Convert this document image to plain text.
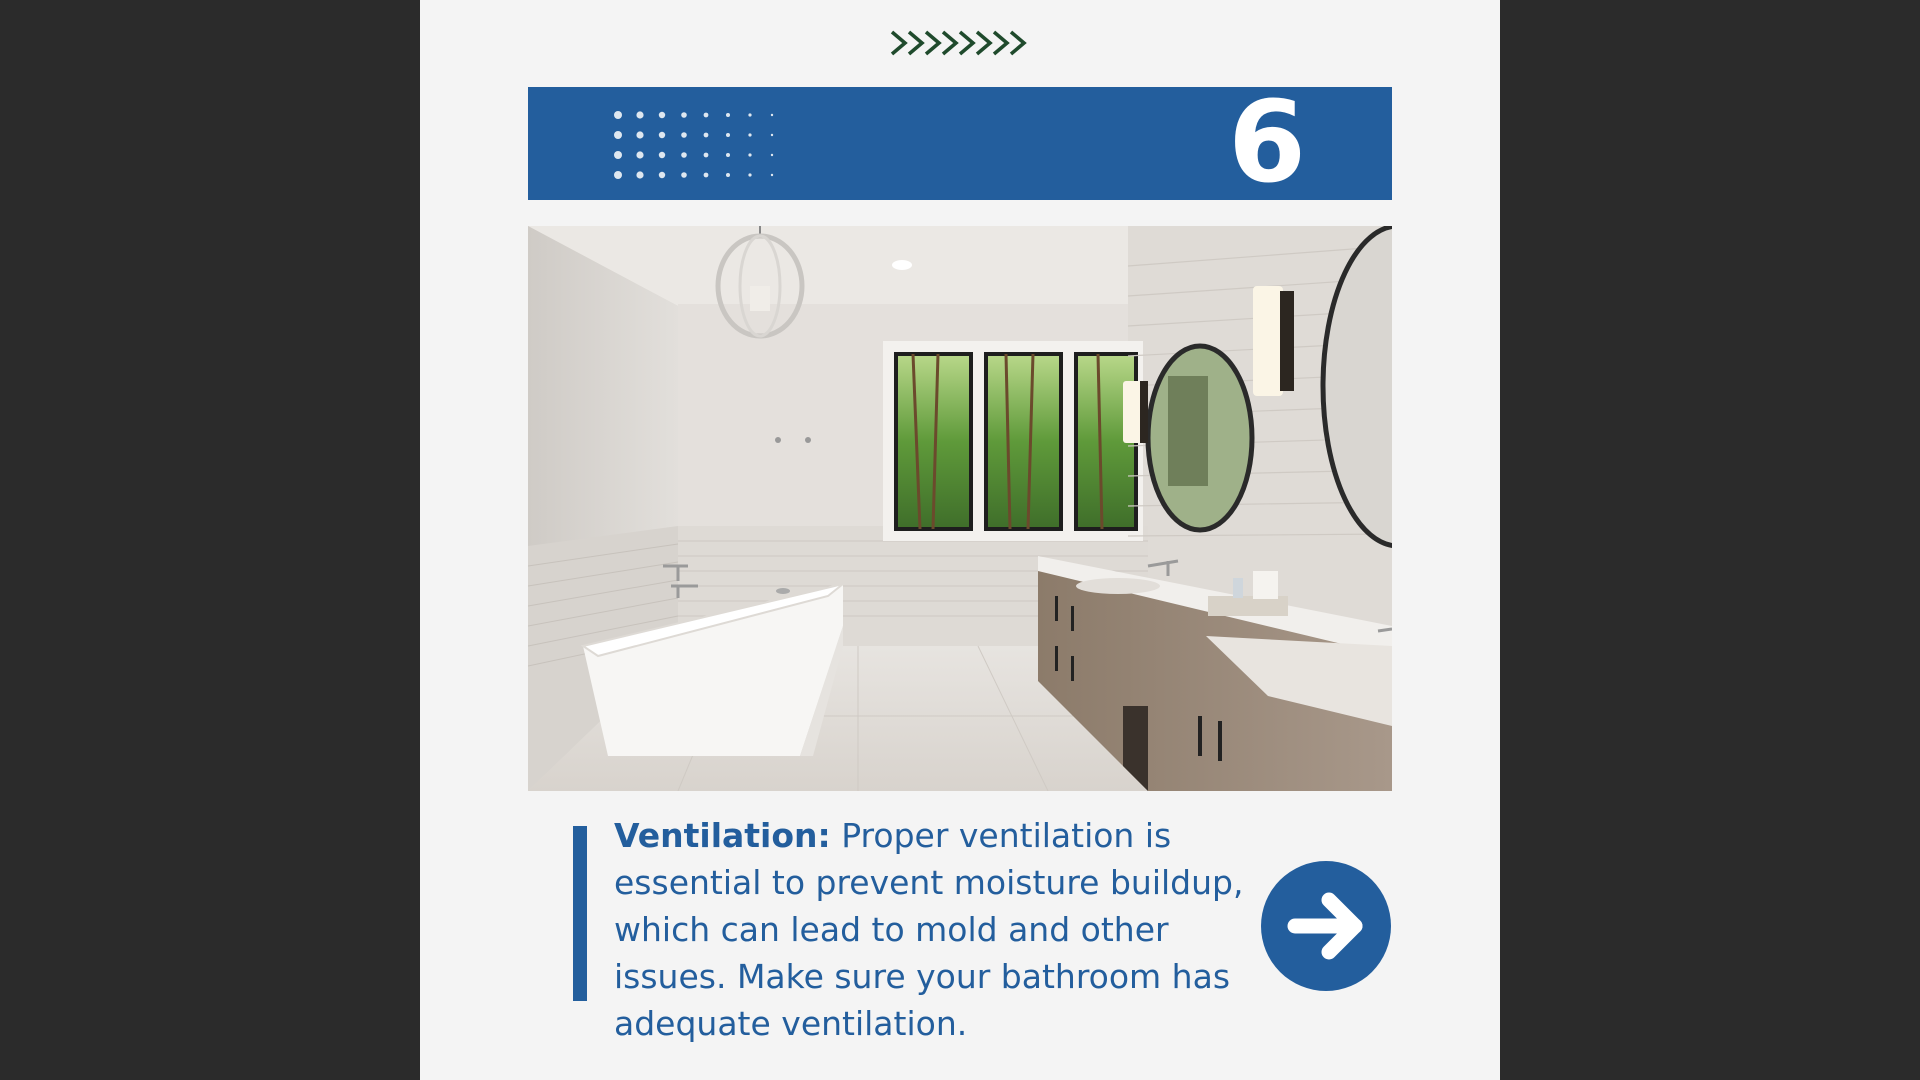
6
Ventilation: Proper ventilation is essential to prevent moisture buildup, which can lead to mold and other issues. Make sure your bathroom has adequate ventilation.
